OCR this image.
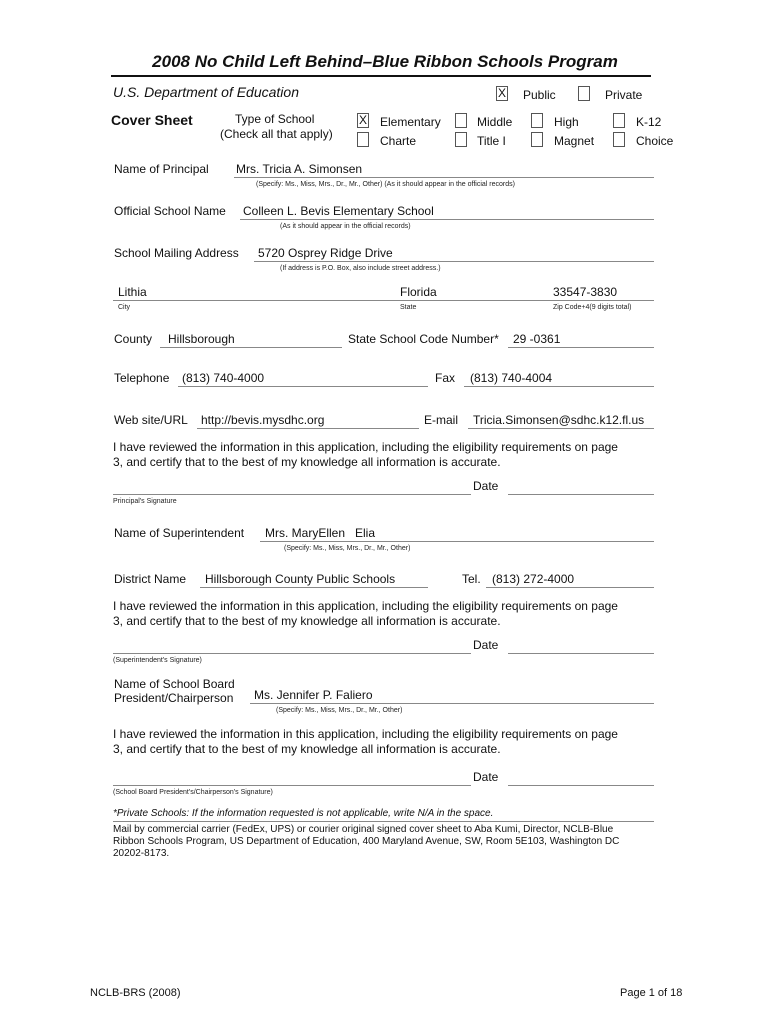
2008 No Child Left Behind–Blue Ribbon Schools Program
U.S. Department of Education	X Public	Private
Cover Sheet	Type of School
(Check all that apply)
X Elementary	Middle	High	K-12
Charte	Title I	Magnet	Choice
Name of Principal Mrs. Tricia A. Simonsen
(Specify: Ms., Miss, Mrs., Dr., Mr., Other) (As it should appear in the official records)
Official School Name Colleen L. Bevis Elementary School
(As it should appear in the official records)
School Mailing Address 5720 Osprey Ridge Drive
(If address is P.O. Box, also include street address.)
Lithia	Florida	33547-3830
City	State	Zip Code+4(9 digits total)
County Hillsborough	State School Code Number* 29 -0361
Telephone (813) 740-4000	Fax (813) 740-4004
Web site/URL http://bevis.mysdhc.org	E-mail Tricia.Simonsen@sdhc.k12.fl.us
I have reviewed the information in this application, including the eligibility requirements on page
3, and certify that to the best of my knowledge all information is accurate.
Date
Principal's Signature
Name of Superintendent Mrs. MaryEllen   Elia
(Specify: Ms., Miss, Mrs., Dr., Mr., Other)
District Name Hillsborough County Public Schools	Tel. (813) 272-4000
I have reviewed the information in this application, including the eligibility requirements on page
3, and certify that to the best of my knowledge all information is accurate.
Date
(Superintendent's Signature)
Name of School Board
President/Chairperson Ms. Jennifer P. Faliero
(Specify: Ms., Miss, Mrs., Dr., Mr., Other)
I have reviewed the information in this application, including the eligibility requirements on page
3, and certify that to the best of my knowledge all information is accurate.
Date
(School Board President's/Chairperson's Signature)
*Private Schools: If the information requested is not applicable, write N/A in the space.
Mail by commercial carrier (FedEx, UPS) or courier original signed cover sheet to Aba Kumi, Director, NCLB-Blue Ribbon Schools Program, US Department of Education, 400 Maryland Avenue, SW, Room 5E103, Washington DC 20202-8173.
NCLB-BRS (2008)	Page 1 of 18
